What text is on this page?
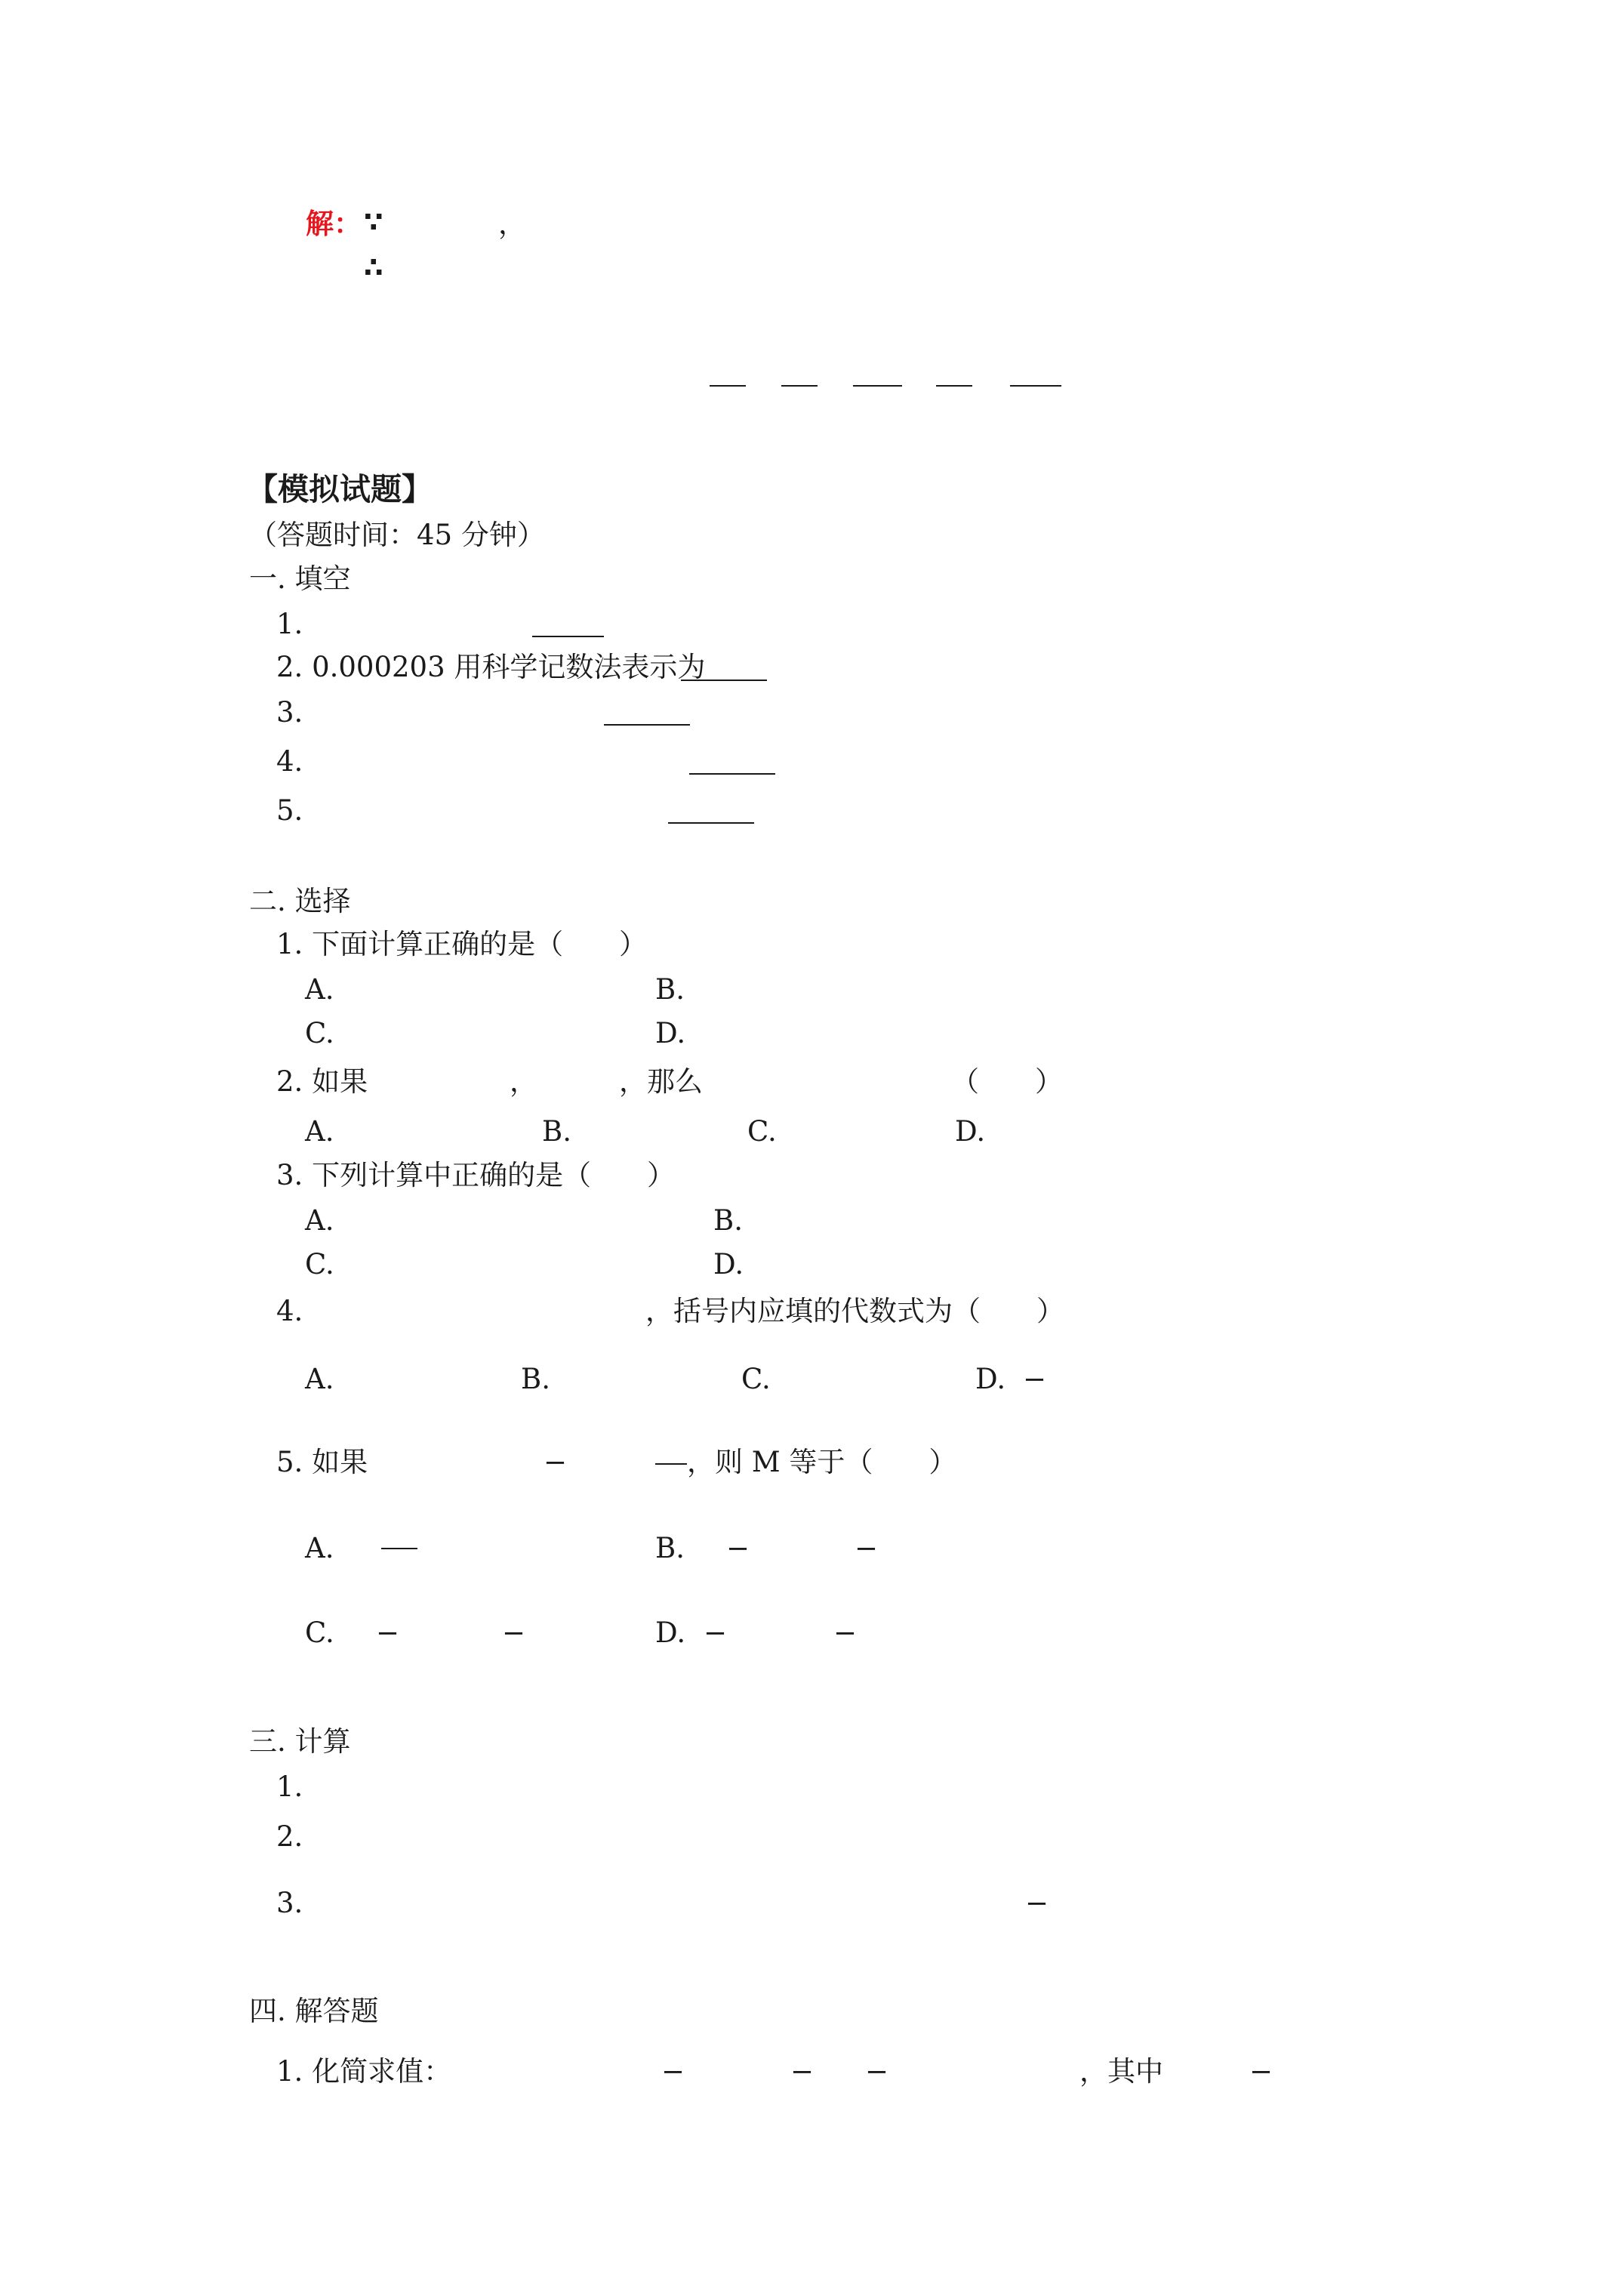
解： ∵	，
∴
【模拟试题】
（答题时间：45 分钟）
一. 填空
1.
2. 0.000203 用科学记数法表示为
3.
4.
5.
二. 选择
1. 下面计算正确的是（　　）
A.	B.
C.	D.
2. 如果	，	，那么	（　　）
A.	B.	C.	D.
3. 下列计算中正确的是（　　）
A.	B.
C.	D.
4.	，括号内应填的代数式为（　　）
A.	B.	C.	D. −
5. 如果	−	，则 M 等于（　　）
A.	B. −	−
C. −	−	D. −	−
三. 计算
1.
2.
3.	−
四. 解答题
1. 化简求值：	−	− −	，其中	−
